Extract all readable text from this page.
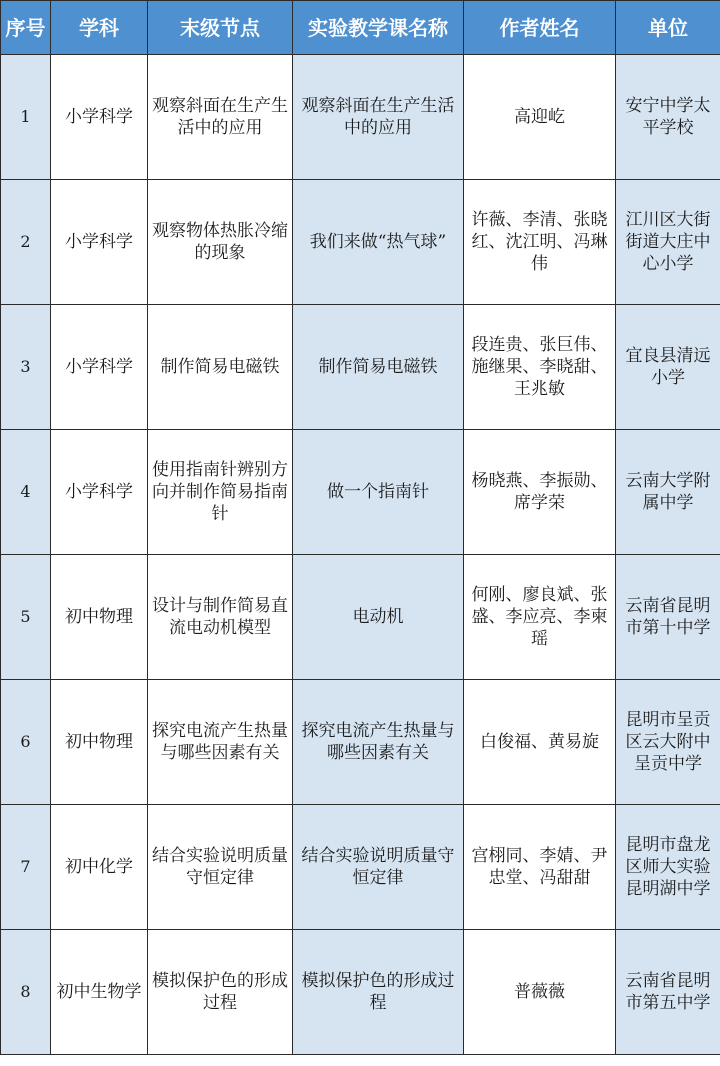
序号	学科	末级节点	实验教学课名称	作者姓名	单位
1	小学科学	观察斜面在生产生活中的应用	观察斜面在生产生活中的应用	高迎屹	安宁中学太平学校
2	小学科学	观察物体热胀冷缩的现象	我们来做“热气球”	许薇、李清、张晓红、沈江明、冯琳伟	江川区大街街道大庄中心小学
3	小学科学	制作简易电磁铁	制作简易电磁铁	段连贵、张巨伟、施继果、李晓甜、王兆敏	宜良县清远小学
4	小学科学	使用指南针辨别方向并制作简易指南针	做一个指南针	杨晓燕、李振勋、席学荣	云南大学附属中学
5	初中物理	设计与制作简易直流电动机模型	电动机	何刚、廖良斌、张盛、李应亮、李柬瑶	云南省昆明市第十中学
6	初中物理	探究电流产生热量与哪些因素有关	探究电流产生热量与哪些因素有关	白俊福、黄易旋	昆明市呈贡区云大附中呈贡中学
7	初中化学	结合实验说明质量守恒定律	结合实验说明质量守恒定律	宫栩同、李婧、尹忠堂、冯甜甜	昆明市盘龙区师大实验昆明湖中学
8	初中生物学	模拟保护色的形成过程	模拟保护色的形成过程	普薇薇	云南省昆明市第五中学
